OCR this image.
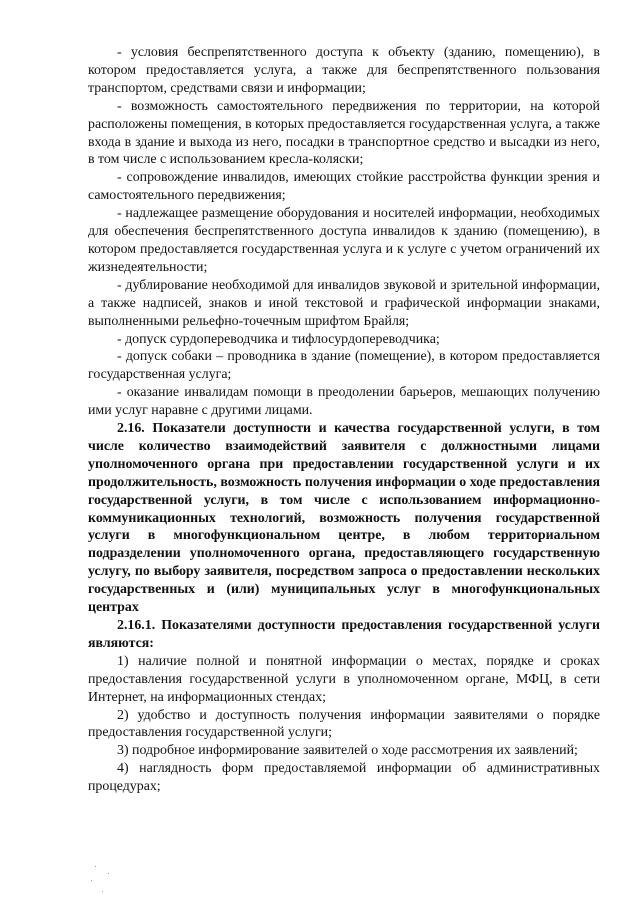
- условия беспрепятственного доступа к объекту (зданию, помещению), в котором предоставляется услуга, а также для беспрепятственного пользования транспортом, средствами связи и информации;

- возможность самостоятельного передвижения по территории, на которой расположены помещения, в которых предоставляется государственная услуга, а также входа в здание и выхода из него, посадки в транспортное средство и высадки из него, в том числе с использованием кресла-коляски;

- сопровождение инвалидов, имеющих стойкие расстройства функции зрения и самостоятельного передвижения;

- надлежащее размещение оборудования и носителей информации, необходимых для обеспечения беспрепятственного доступа инвалидов к зданию (помещению), в котором предоставляется государственная услуга и к услуге с учетом ограничений их жизнедеятельности;

- дублирование необходимой для инвалидов звуковой и зрительной информации, а также надписей, знаков и иной текстовой и графической информации знаками, выполненными рельефно-точечным шрифтом Брайля;

- допуск сурдопереводчика и тифлосурдопереводчика;

- допуск собаки – проводника в здание (помещение), в котором предоставляется государственная услуга;

- оказание инвалидам помощи в преодолении барьеров, мешающих получению ими услуг наравне с другими лицами.

2.16. Показатели доступности и качества государственной услуги, в том числе количество взаимодействий заявителя с должностными лицами уполномоченного органа при предоставлении государственной услуги и их продолжительность, возможность получения информации о ходе предоставления государственной услуги, в том числе с использованием информационно-коммуникационных технологий, возможность получения государственной услуги в многофункциональном центре, в любом территориальном подразделении уполномоченного органа, предоставляющего государственную услугу, по выбору заявителя, посредством запроса о предоставлении нескольких государственных и (или) муниципальных услуг в многофункциональных центрах

2.16.1. Показателями доступности предоставления государственной услуги являются:

1) наличие полной и понятной информации о местах, порядке и сроках предоставления государственной услуги в уполномоченном органе, МФЦ, в сети Интернет, на информационных стендах;

2) удобство и доступность получения информации заявителями о порядке предоставления государственной услуги;

3) подробное информирование заявителей о ходе рассмотрения их заявлений;

4) наглядность форм предоставляемой информации об административных процедурах;
